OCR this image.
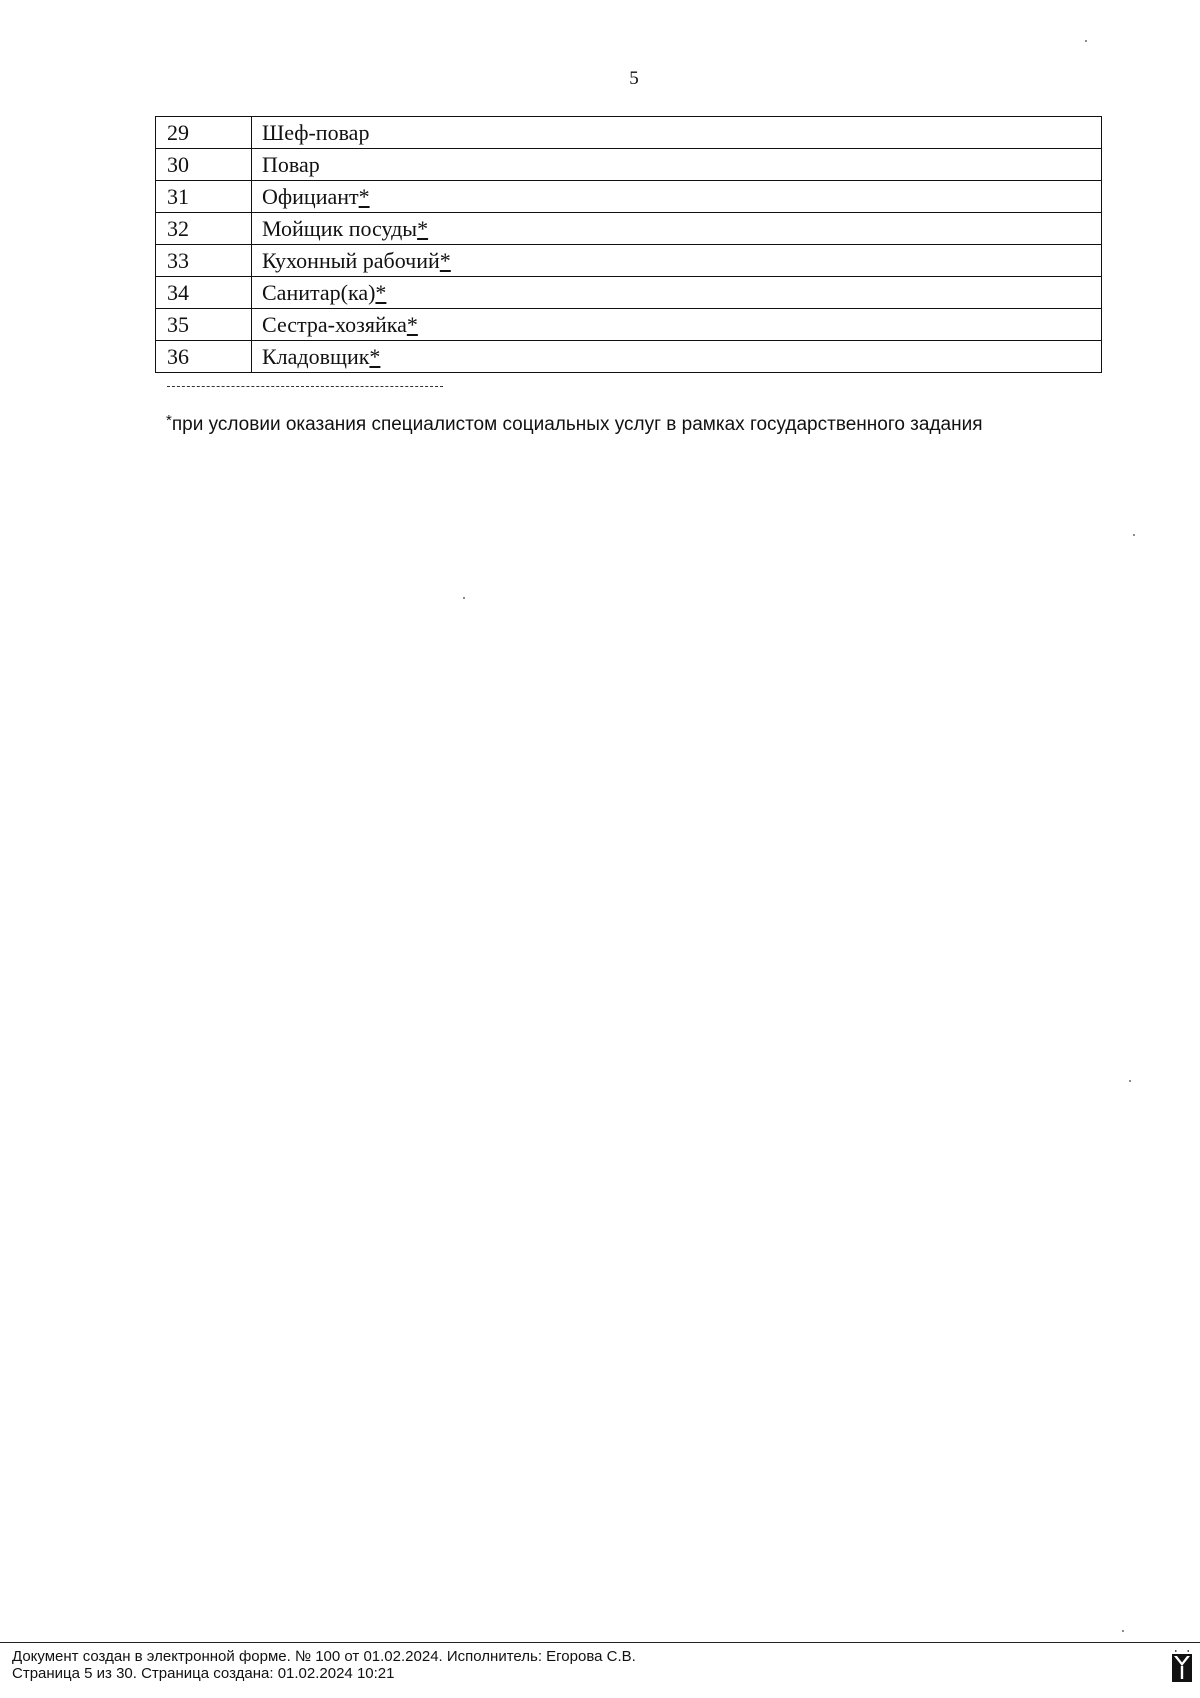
5
29	Шеф-повар
30	Повар
31	Официант*
32	Мойщик посуды*
33	Кухонный рабочий*
34	Санитар(ка)*
35	Сестра-хозяйка*
36	Кладовщик*
*при условии оказания специалистом социальных услуг в рамках государственного задания
Документ создан в электронной форме. № 100 от 01.02.2024. Исполнитель: Егорова С.В.
Страница 5 из 30. Страница создана: 01.02.2024 10:21
